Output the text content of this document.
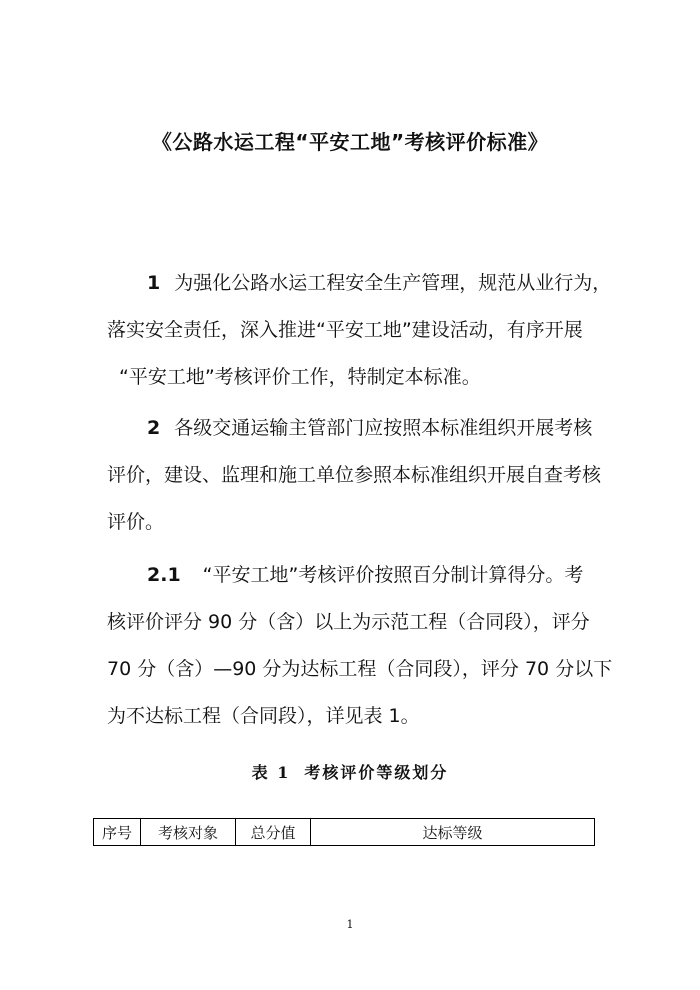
《公路水运工程“平安工地”考核评价标准》
1 为强化公路水运工程安全生产管理，规范从业行为，
落实安全责任，深入推进“平安工地”建设活动，有序开展
“平安工地”考核评价工作，特制定本标准。
2 各级交通运输主管部门应按照本标准组织开展考核
评价，建设、监理和施工单位参照本标准组织开展自查考核
评价。
2.1 “平安工地”考核评价按照百分制计算得分。考
核评价评分 90 分（含）以上为示范工程（合同段），评分
70 分（含）—90 分为达标工程（合同段），评分 70 分以下
为不达标工程（合同段），详见表 1。
表 1 考核评价等级划分
序号	考核对象	总分值	达标等级
1
